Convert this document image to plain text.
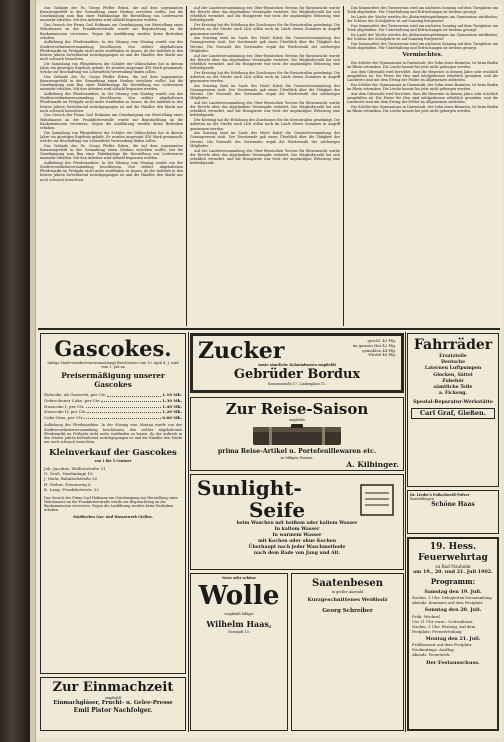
Das Gelände der Fa. Georg Pfeffer Erben, die auf dem sogenannten Kreuzwegerfeld in der Gemarkung einen Neubau errichten wollte, hat die Genehmigung zum Bau einer Fabrikanlage für Herstellung von Lederwaren nunmehr erhalten. Mit den Arbeiten wird alsbald begonnen werden.

Das Gesuch der Firma Carl Hofmann um Genehmigung zur Herstellung eines Wohnhauses an der Frankfurterstraße wurde zur Begutachtung an die Baukommission verwiesen. Gegen die Ausführung wurden keine Bedenken erhoben.

Aufhebung des Pferdemarktes. In der Sitzung vom Montag wurde von der Stadtverordnetenversammlung beschlossen, den seither abgehaltenen Pferdemarkt im Frühjahr nicht mehr stattfinden zu lassen, da der Auftrieb in den letzten Jahren fortwährend zurückgegangen ist und die Händler den Markt nur noch schwach besuchten.

Die Sammlung von Pfingstfeiern der Schüler der Volksschulen hat in diesem Jahre ein günstiges Ergebnis gehabt. Es wurden insgesamt 418 Mark gesammelt, welche zur Beschaffung von Lehrmitteln Verwendung finden sollen.

Das Gelände der Fa. Georg Pfeffer Erben, die auf dem sogenannten Kreuzwegerfeld in der Gemarkung einen Neubau errichten wollte, hat die Genehmigung zum Bau einer Fabrikanlage für Herstellung von Lederwaren nunmehr erhalten. Mit den Arbeiten wird alsbald begonnen werden.

Aufhebung des Pferdemarktes. In der Sitzung vom Montag wurde von der Stadtverordnetenversammlung beschlossen, den seither abgehaltenen Pferdemarkt im Frühjahr nicht mehr stattfinden zu lassen, da der Auftrieb in den letzten Jahren fortwährend zurückgegangen ist und die Händler den Markt nur noch schwach besuchten.

Das Gesuch der Firma Carl Hofmann um Genehmigung zur Herstellung eines Wohnhauses an der Frankfurterstraße wurde zur Begutachtung an die Baukommission verwiesen. Gegen die Ausführung wurden keine Bedenken erhoben.

Die Sammlung von Pfingstfeiern der Schüler der Volksschulen hat in diesem Jahre ein günstiges Ergebnis gehabt. Es wurden insgesamt 418 Mark gesammelt, welche zur Beschaffung von Lehrmitteln Verwendung finden sollen.

Das Gelände der Fa. Georg Pfeffer Erben, die auf dem sogenannten Kreuzwegerfeld in der Gemarkung einen Neubau errichten wollte, hat die Genehmigung zum Bau einer Fabrikanlage für Herstellung von Lederwaren nunmehr erhalten. Mit den Arbeiten wird alsbald begonnen werden.

Aufhebung des Pferdemarktes. In der Sitzung vom Montag wurde von der Stadtverordnetenversammlung beschlossen, den seither abgehaltenen Pferdemarkt im Frühjahr nicht mehr stattfinden zu lassen, da der Auftrieb in den letzten Jahren fortwährend zurückgegangen ist und die Händler den Markt nur noch schwach besuchten.

Auf der Landesversammlung des Ober-Hessischen Vereins für Bienenzucht wurde der Bericht über das abgelaufene Vereinsjahr erstattet. Die Mitgliederzahl hat sich erheblich vermehrt, und die Honigernte war trotz der ungünstigen Witterung eine befriedigende.

Der Kreistag hat die Erhöhung des Zuschusses für die Kreisstraßen genehmigt. Die Arbeiten an der Straße nach Lich sollen noch im Laufe dieses Sommers in Angriff genommen werden.

Am Sonntag fand im Saale des Hotel Kobel die Generalversammlung des Gesangvereins statt. Der Vorsitzende gab einen Überblick über die Tätigkeit des Vereins. Die Neuwahl des Vorstandes ergab die Wiederwahl der seitherigen Mitglieder.

Auf der Landesversammlung des Ober-Hessischen Vereins für Bienenzucht wurde der Bericht über das abgelaufene Vereinsjahr erstattet. Die Mitgliederzahl hat sich erheblich vermehrt, und die Honigernte war trotz der ungünstigen Witterung eine befriedigende.

Der Kreistag hat die Erhöhung des Zuschusses für die Kreisstraßen genehmigt. Die Arbeiten an der Straße nach Lich sollen noch im Laufe dieses Sommers in Angriff genommen werden.

Am Sonntag fand im Saale des Hotel Kobel die Generalversammlung des Gesangvereins statt. Der Vorsitzende gab einen Überblick über die Tätigkeit des Vereins. Die Neuwahl des Vorstandes ergab die Wiederwahl der seitherigen Mitglieder.

Auf der Landesversammlung des Ober-Hessischen Vereins für Bienenzucht wurde der Bericht über das abgelaufene Vereinsjahr erstattet. Die Mitgliederzahl hat sich erheblich vermehrt, und die Honigernte war trotz der ungünstigen Witterung eine befriedigende.

Der Kreistag hat die Erhöhung des Zuschusses für die Kreisstraßen genehmigt. Die Arbeiten an der Straße nach Lich sollen noch im Laufe dieses Sommers in Angriff genommen werden.

Am Sonntag fand im Saale des Hotel Kobel die Generalversammlung des Gesangvereins statt. Der Vorsitzende gab einen Überblick über die Tätigkeit des Vereins. Die Neuwahl des Vorstandes ergab die Wiederwahl der seitherigen Mitglieder.

Auf der Landesversammlung des Ober-Hessischen Vereins für Bienenzucht wurde der Bericht über das abgelaufene Vereinsjahr erstattet. Die Mitgliederzahl hat sich erheblich vermehrt, und die Honigernte war trotz der ungünstigen Witterung eine befriedigende.

Das Sommerfest des Turnvereins wird am nächsten Sonntag auf dem Turnplatze am Trieb abgehalten. Für Unterhaltung und Erfrischungen ist bestens gesorgt.

Im Laufe der Woche werden die Abiturientenprüfungen am Gymnasium stattfinden; der Schluss des Schuljahres ist auf Samstag festgesetzt.

Das Sommerfest des Turnvereins wird am nächsten Sonntag auf dem Turnplatze am Trieb abgehalten. Für Unterhaltung und Erfrischungen ist bestens gesorgt.

Im Laufe der Woche werden die Abiturientenprüfungen am Gymnasium stattfinden; der Schluss des Schuljahres ist auf Samstag festgesetzt.

Das Sommerfest des Turnvereins wird am nächsten Sonntag auf dem Turnplatze am Trieb abgehalten. Für Unterhaltung und Erfrischungen ist bestens gesorgt.

Vermischtes.

Ein Schüler des Gymnasiums in Darmstadt, der Sohn eines Beamten, ist beim Baden im Rhein ertrunken. Die Leiche konnte bis jetzt nicht geborgen werden.

Aus dem Odenwald wird berichtet, dass die Heuernte in diesem Jahre sehr reichlich ausgefallen ist. Die Preise für Heu sind infolgedessen erheblich gesunken, und die Landwirte sind mit dem Ertrag der Felder im Allgemeinen zufrieden.

Ein Schüler des Gymnasiums in Darmstadt, der Sohn eines Beamten, ist beim Baden im Rhein ertrunken. Die Leiche konnte bis jetzt nicht geborgen werden.

Aus dem Odenwald wird berichtet, dass die Heuernte in diesem Jahre sehr reichlich ausgefallen ist. Die Preise für Heu sind infolgedessen erheblich gesunken, und die Landwirte sind mit dem Ertrag der Felder im Allgemeinen zufrieden.

Ein Schüler des Gymnasiums in Darmstadt, der Sohn eines Beamten, ist beim Baden im Rhein ertrunken. Die Leiche konnte bis jetzt nicht geborgen werden.

Gascokes.
Infolge Stadtverordnetenversammlungs-Beschlusses vom 10. April d. J. wird vom 1. Juli an
Preisermäßigung unserer Gascokes
Rohcoke, ab Gaswerk, per Ctr.	1.10 Mk.
Gebrochener Coke, per Ctr.	1.30 Mk.
Nusscoke I, per Ctr.	1.40 Mk.
Nusscoke II, per Ctr.	1.20 Mk.
Coke-Grus, per Ctr.	0.60 Mk.
Aufhebung des Pferdemarktes. In der Sitzung vom Montag wurde von der Stadtverordnetenversammlung beschlossen, den seither abgehaltenen Pferdemarkt im Frühjahr nicht mehr stattfinden zu lassen, da der Auftrieb in den letzten Jahren fortwährend zurückgegangen ist und die Händler den Markt nur noch schwach besuchten.
Kleinverkauf der Gascokes
von 1 bis 5 Centner
Joh. Jacobus, Walltorstraße 31
G. Groß, Nordanlage 16
J. Mohr, Bahnhofstraße 52
H. Weber, Neuenweg 8
K. Lang, Frankfurterstr. 22
Das Gesuch der Firma Carl Hofmann um Genehmigung zur Herstellung eines Wohnhauses an der Frankfurterstraße wurde zur Begutachtung an die Baukommission verwiesen. Gegen die Ausführung wurden keine Bedenken erhoben.
Städtisches Gas- und Wasserwerk Gießen.
Zur Einmachzeit
empfiehlt
Einmachgläser, Frucht- u. Gelee-Presse
Emil Pistor Nachfolger.
Zucker	geschl. 43 Pfg.
im ganzen Hut 42 Pfg.
gemahlen 44 Pfg.
Würfel 46 Pfg.
sowie sämtliche Kolonialwaren empfiehlt
Gebrüder Bordux
Sonnenstraße 17. Lindenplatz 11.
Zur Reise-Saison
empfehle
prima Reise-Artikel u. Portefeuillewaren etc.
zu billigen Preisen.
A. Kilbinger.
Sunlight-
Seife
beim Waschen mit heißem oder kaltem Wasser
In kaltem Wasser
In warmem Wasser
mit Kochen oder ohne Kochen
Überhaupt nach jeder Waschmethode
nach dem Rade von Jung und Alt.
Neue sehr schöne
Wolle
empfiehlt billigst
Wilhelm Haas,
Neustadt 15.
Saatenbesen
in großer Auswahl
Kurzgeschnittenes Weißholz
Georg Schreiber
Fahrräder
Ersatzteile
Deutsche
Laternen Luftpumpen
Glocken, Sättel
Zubehör
sämtliche Teile
a. Fickeng.
Spezial-Reparatur-Werkstätte
Carl Graf, Gießen.
Dr. Lieder's Fußschweiß-Pulver
Rasierklingen
Schöne Haas
19. Hess. Feuerwehrtag
zu Bad-Nauheim
am 19., 20. und 21. Juli 1902.
Programm:
Samstag den 19. Juli.
Nachm. 3 Uhr: Delegierten-Versammlung
Abends: Kommers auf dem Festplatz
Sonntag den 20. Juli.
Früh: Weckruf
Um 11 Uhr vorm.: Gottesdienst
Nachm. 3 Uhr: Festzug, Auf dem Festplatz: Preisverteilung
Montag den 21. Juli.
Frühkonzert auf dem Festplatz
Nachmittags: Ausflug
Abends: Feuerwerk
Der Festausschuss.
